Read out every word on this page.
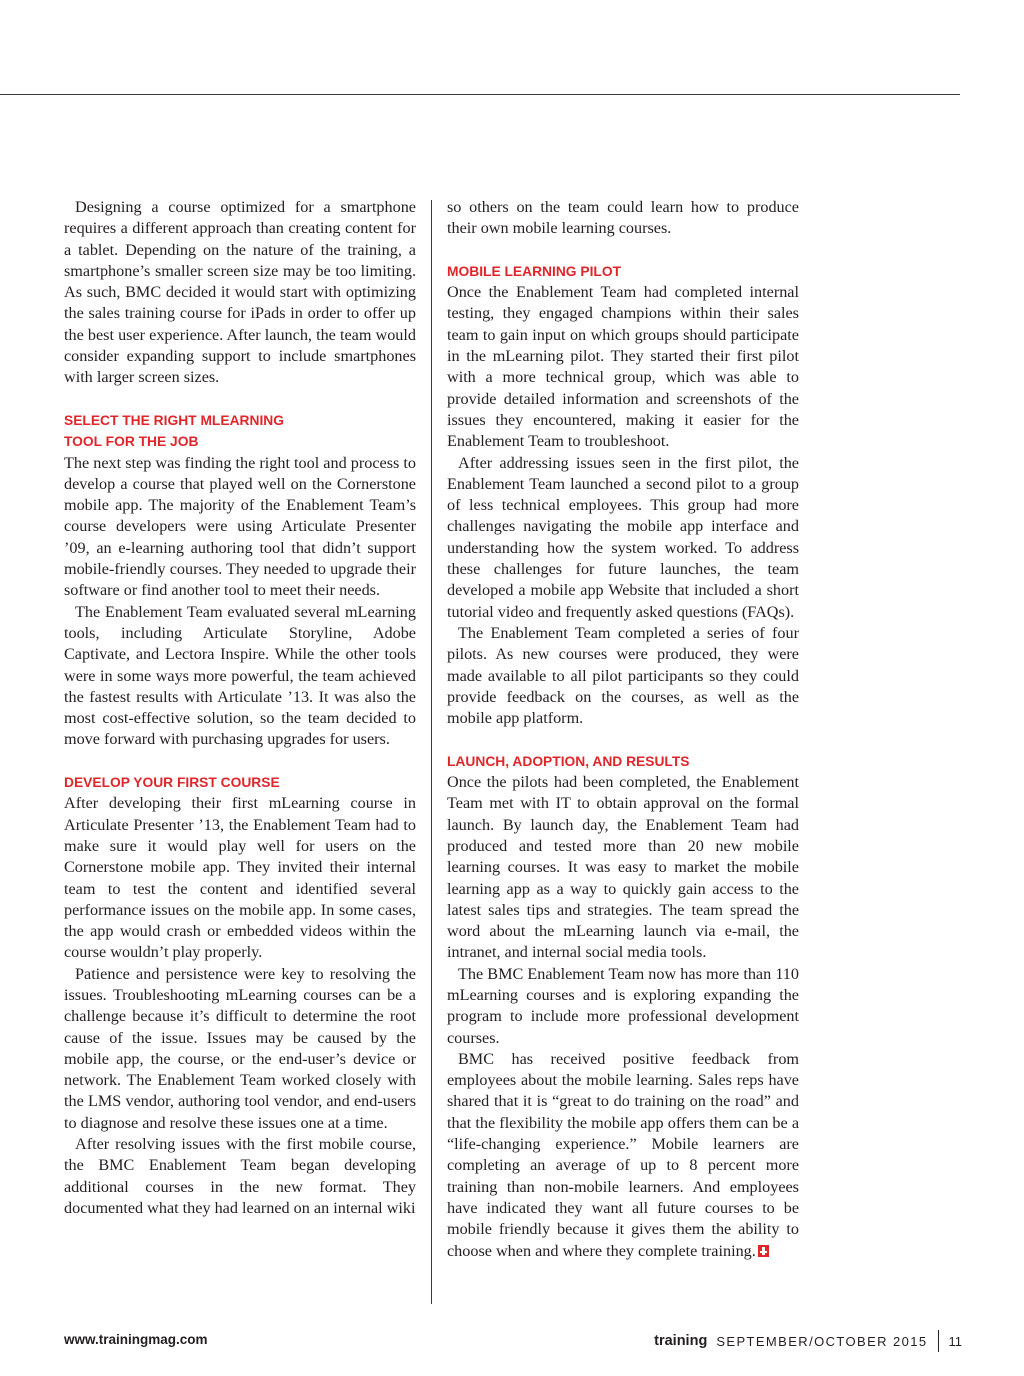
Designing a course optimized for a smartphone requires a different approach than creating content for a tablet. Depending on the nature of the training, a smartphone’s smaller screen size may be too limiting. As such, BMC decided it would start with optimizing the sales training course for iPads in order to offer up the best user experience. After launch, the team would consider expanding support to include smartphones with larger screen sizes.

SELECT THE RIGHT MLEARNING
TOOL FOR THE JOB

The next step was finding the right tool and process to develop a course that played well on the Cornerstone mobile app. The majority of the Enablement Team’s course developers were using Articulate Presenter ’09, an e-learning authoring tool that didn’t support mobile-friendly courses. They needed to upgrade their software or find another tool to meet their needs.

The Enablement Team evaluated several mLearning tools, including Articulate Storyline, Adobe Captivate, and Lectora Inspire. While the other tools were in some ways more powerful, the team achieved the fastest results with Articulate ’13. It was also the most cost-effective solution, so the team decided to move forward with purchasing upgrades for users.

DEVELOP YOUR FIRST COURSE

After developing their first mLearning course in Articulate Presenter ’13, the Enablement Team had to make sure it would play well for users on the Cornerstone mobile app. They invited their internal team to test the content and identified several performance issues on the mobile app. In some cases, the app would crash or embedded videos within the course wouldn’t play properly.

Patience and persistence were key to resolving the issues. Troubleshooting mLearning courses can be a challenge because it’s difficult to determine the root cause of the issue. Issues may be caused by the mobile app, the course, or the end-user’s device or network. The Enablement Team worked closely with the LMS vendor, authoring tool vendor, and end-users to diagnose and resolve these issues one at a time.

After resolving issues with the first mobile course, the BMC Enablement Team began developing additional courses in the new format. They documented what they had learned on an internal wiki

so others on the team could learn how to produce their own mobile learning courses.

MOBILE LEARNING PILOT

Once the Enablement Team had completed internal testing, they engaged champions within their sales team to gain input on which groups should participate in the mLearning pilot. They started their first pilot with a more technical group, which was able to provide detailed information and screenshots of the issues they encountered, making it easier for the Enablement Team to troubleshoot.

After addressing issues seen in the first pilot, the Enablement Team launched a second pilot to a group of less technical employees. This group had more challenges navigating the mobile app interface and understanding how the system worked. To address these challenges for future launches, the team developed a mobile app Website that included a short tutorial video and frequently asked questions (FAQs).

The Enablement Team completed a series of four pilots. As new courses were produced, they were made available to all pilot participants so they could provide feedback on the courses, as well as the mobile app platform.

LAUNCH, ADOPTION, AND RESULTS

Once the pilots had been completed, the Enablement Team met with IT to obtain approval on the formal launch. By launch day, the Enablement Team had produced and tested more than 20 new mobile learning courses. It was easy to market the mobile learning app as a way to quickly gain access to the latest sales tips and strategies. The team spread the word about the mLearning launch via e-mail, the intranet, and internal social media tools.

The BMC Enablement Team now has more than 110 mLearning courses and is exploring expanding the program to include more professional development courses.

BMC has received positive feedback from employees about the mobile learning. Sales reps have shared that it is “great to do training on the road” and that the flexibility the mobile app offers them can be a “life-changing experience.” Mobile learners are completing an average of up to 8 percent more training than non-mobile learners. And employees have indicated they want all future courses to be mobile friendly because it gives them the ability to choose when and where they complete training.

www.trainingmag.com	training SEPTEMBER/OCTOBER 2015 11
